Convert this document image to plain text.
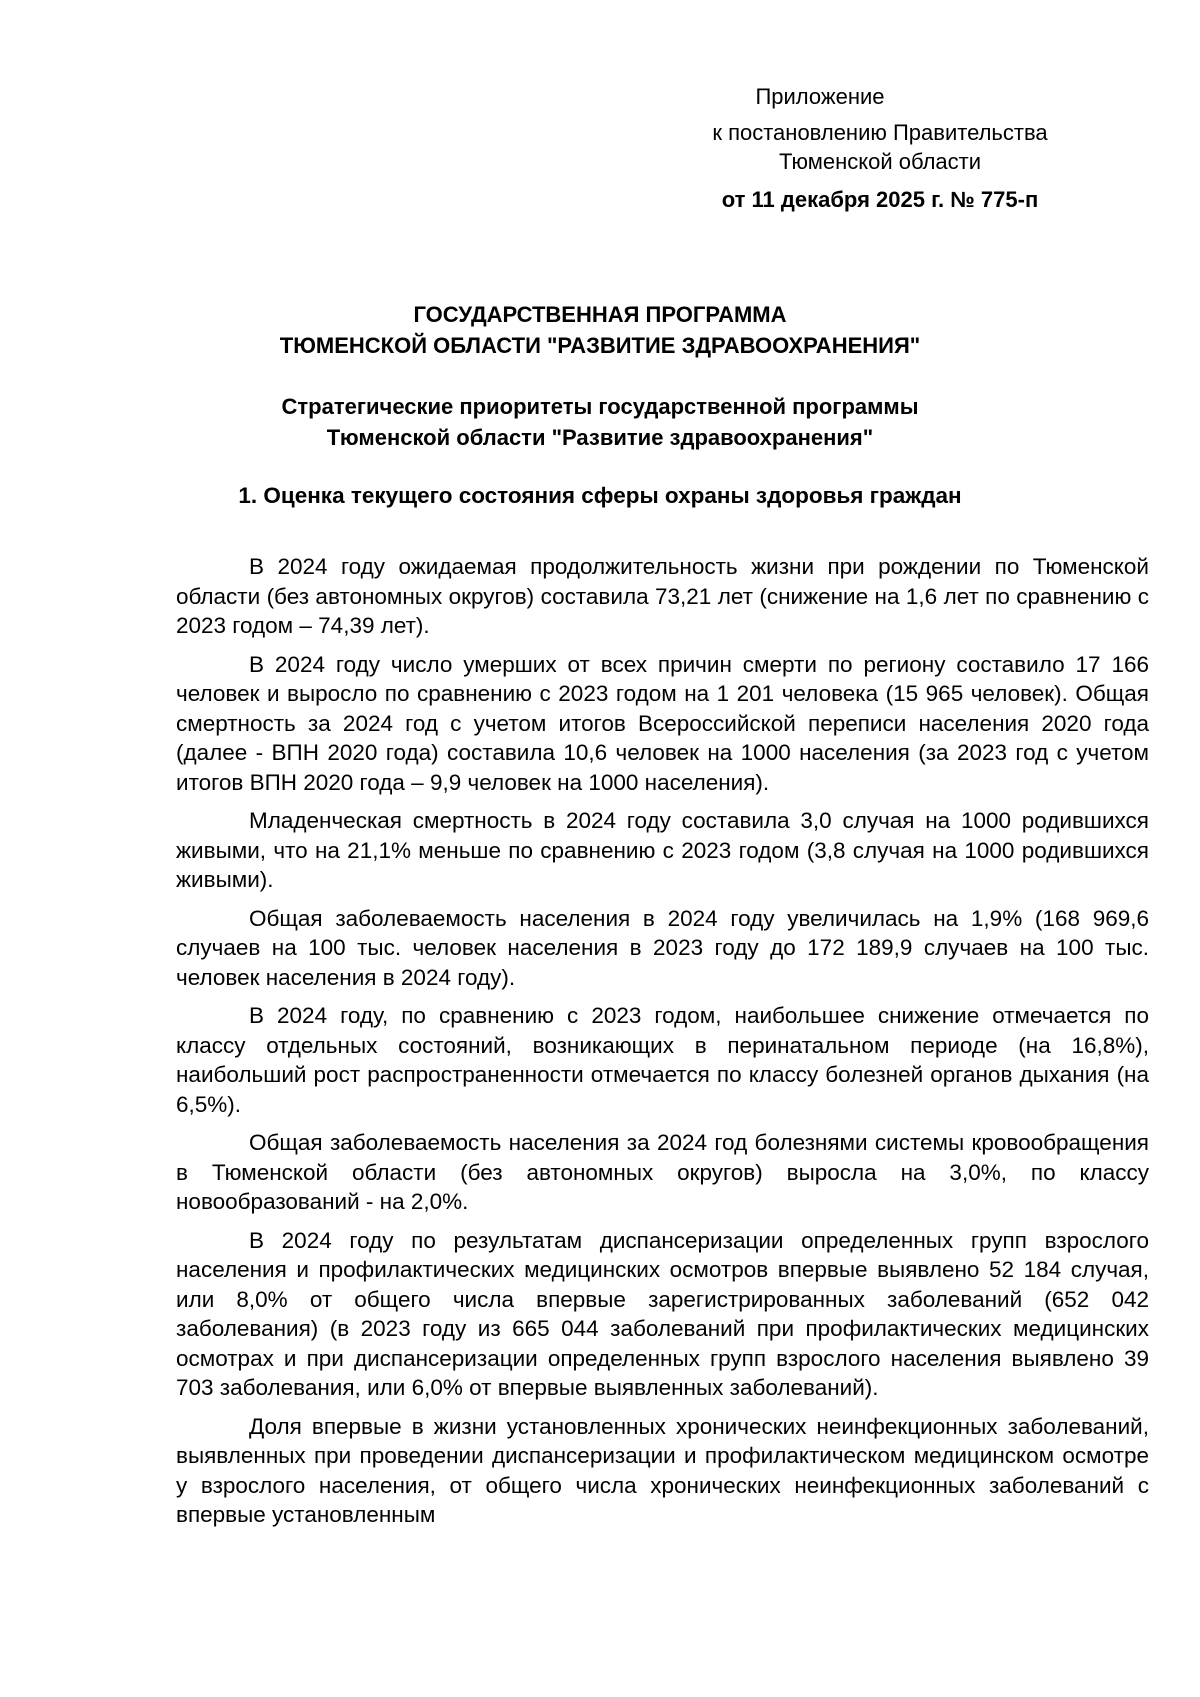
Приложение
к постановлению Правительства
Тюменской области
от 11 декабря 2025 г. № 775-п
ГОСУДАРСТВЕННАЯ ПРОГРАММА
ТЮМЕНСКОЙ ОБЛАСТИ "РАЗВИТИЕ ЗДРАВООХРАНЕНИЯ"
Стратегические приоритеты государственной программы
Тюменской области "Развитие здравоохранения"
1. Оценка текущего состояния сферы охраны здоровья граждан

В 2024 году ожидаемая продолжительность жизни при рождении по Тюменской области (без автономных округов) составила 73,21 лет (снижение на 1,6 лет по сравнению с 2023 годом – 74,39 лет).

В 2024 году число умерших от всех причин смерти по региону составило 17 166 человек и выросло по сравнению с 2023 годом на 1 201 человека (15 965 человек). Общая смертность за 2024 год с учетом итогов Всероссийской переписи населения 2020 года (далее - ВПН 2020 года) составила 10,6 человек на 1000 населения (за 2023 год с учетом итогов ВПН 2020 года – 9,9 человек на 1000 населения).

Младенческая смертность в 2024 году составила 3,0 случая на 1000 родившихся живыми, что на 21,1% меньше по сравнению с 2023 годом (3,8 случая на 1000 родившихся живыми).

Общая заболеваемость населения в 2024 году увеличилась на 1,9% (168 969,6 случаев на 100 тыс. человек населения в 2023 году до 172 189,9 случаев на 100 тыс. человек населения в 2024 году).

В 2024 году, по сравнению с 2023 годом, наибольшее снижение отмечается по классу отдельных состояний, возникающих в перинатальном периоде (на 16,8%), наибольший рост распространенности отмечается по классу болезней органов дыхания (на 6,5%).

Общая заболеваемость населения за 2024 год болезнями системы кровообращения в Тюменской области (без автономных округов) выросла на 3,0%, по классу новообразований - на 2,0%.

В 2024 году по результатам диспансеризации определенных групп взрослого населения и профилактических медицинских осмотров впервые выявлено 52 184 случая, или 8,0% от общего числа впервые зарегистрированных заболеваний (652 042 заболевания) (в 2023 году из 665 044 заболеваний при профилактических медицинских осмотрах и при диспансеризации определенных групп взрослого населения выявлено 39 703 заболевания, или 6,0% от впервые выявленных заболеваний).

Доля впервые в жизни установленных хронических неинфекционных заболеваний, выявленных при проведении диспансеризации и профилактическом медицинском осмотре у взрослого населения, от общего числа хронических неинфекционных заболеваний с впервые установленным
